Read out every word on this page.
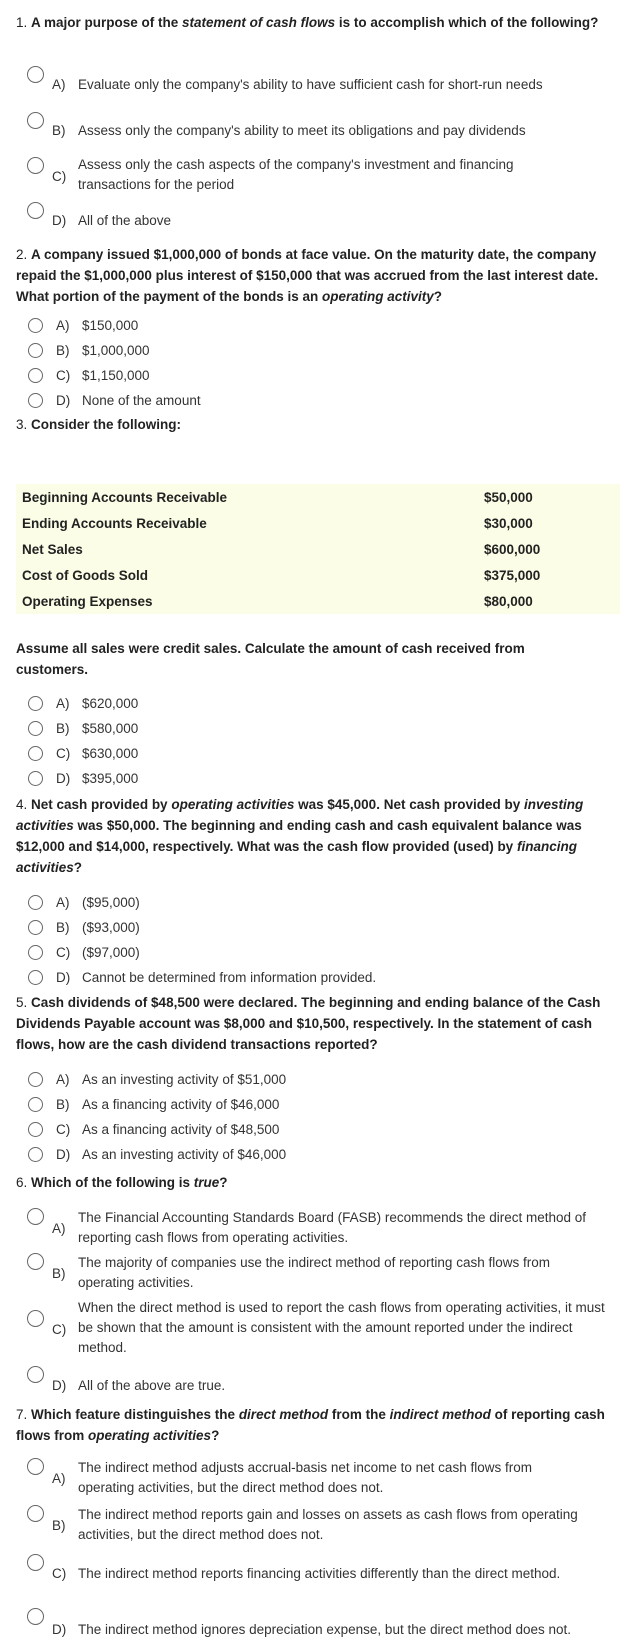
1. A major purpose of the statement of cash flows is to accomplish which of the following?
A) Evaluate only the company's ability to have sufficient cash for short-run needs
B) Assess only the company's ability to meet its obligations and pay dividends
C)
Assess only the cash aspects of the company's investment and financing transactions for the period
D) All of the above
2. A company issued $1,000,000 of bonds at face value. On the maturity date, the company repaid the $1,000,000 plus interest of $150,000 that was accrued from the last interest date. What portion of the payment of the bonds is an operating activity?
A) $150,000
B) $1,000,000
C) $1,150,000
D) None of the amount
3. Consider the following:
Beginning Accounts Receivable	$50,000
Ending Accounts Receivable	$30,000
Net Sales	$600,000
Cost of Goods Sold	$375,000
Operating Expenses	$80,000
Assume all sales were credit sales. Calculate the amount of cash received from customers.
A) $620,000
B) $580,000
C) $630,000
D) $395,000
4. Net cash provided by operating activities was $45,000. Net cash provided by investing activities was $50,000. The beginning and ending cash and cash equivalent balance was $12,000 and $14,000, respectively. What was the cash flow provided (used) by financing activities?
A) ($95,000)
B) ($93,000)
C) ($97,000)
D) Cannot be determined from information provided.
5. Cash dividends of $48,500 were declared. The beginning and ending balance of the Cash Dividends Payable account was $8,000 and $10,500, respectively. In the statement of cash flows, how are the cash dividend transactions reported?
A) As an investing activity of $51,000
B) As a financing activity of $46,000
C) As a financing activity of $48,500
D) As an investing activity of $46,000
6. Which of the following is true?
A)
The Financial Accounting Standards Board (FASB) recommends the direct method of reporting cash flows from operating activities.
B)
The majority of companies use the indirect method of reporting cash flows from operating activities.
C)
When the direct method is used to report the cash flows from operating activities, it must be shown that the amount is consistent with the amount reported under the indirect method.
D) All of the above are true.
7. Which feature distinguishes the direct method from the indirect method of reporting cash flows from operating activities?
A)
The indirect method adjusts accrual-basis net income to net cash flows from operating activities, but the direct method does not.
B)
The indirect method reports gain and losses on assets as cash flows from operating activities, but the direct method does not.
C) The indirect method reports financing activities differently than the direct method.
D) The indirect method ignores depreciation expense, but the direct method does not.
